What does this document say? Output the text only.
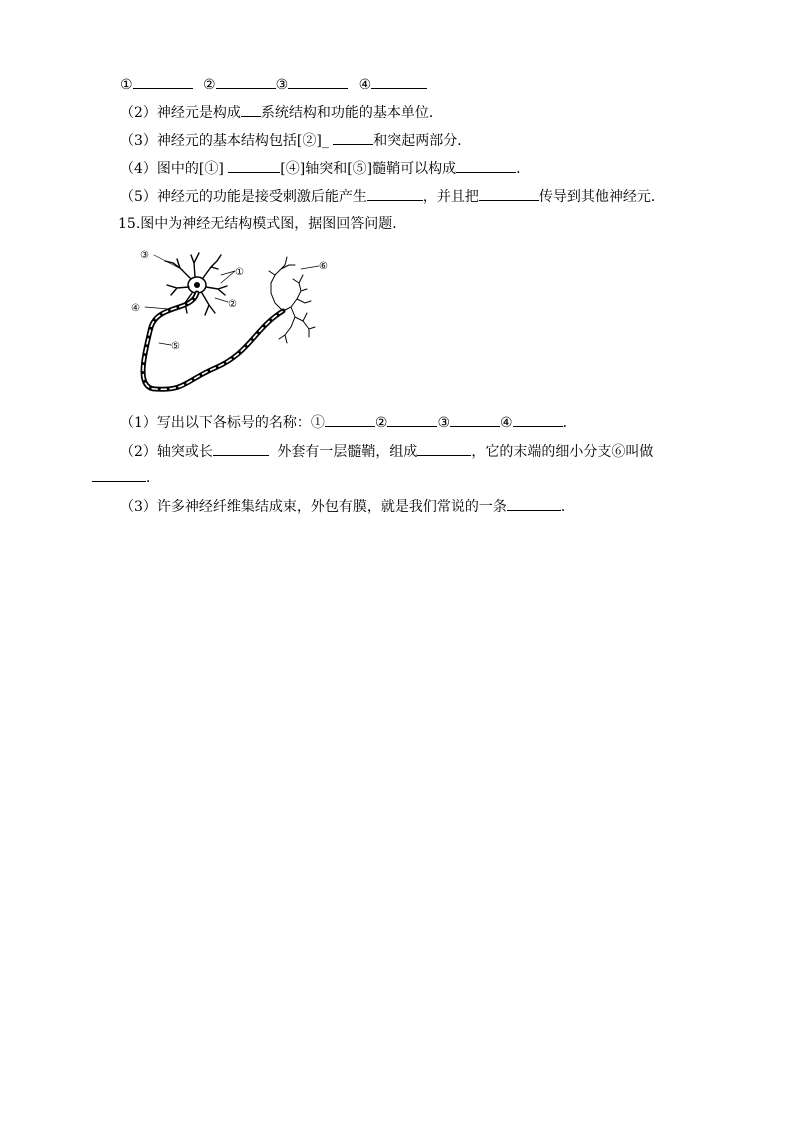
①	②	③	④
（2）神经元是构成 系统结构和功能的基本单位．
（3）神经元的基本结构包括[②]_	和突起两部分．
（4）图中的[①]	[④]轴突和[⑤]髓鞘可以构成	．
（5）神经元的功能是接受刺激后能产生	，并且把	传导到其他神经元．
15.图中为神经无结构模式图，据图回答问题．
③
①
②
④
⑤
⑥
（1）写出以下各标号的名称：①	②	③	④	．
（2）轴突或长	外套有一层髓鞘，组成	，它的末端的细小分支⑥叫做
．
（3）许多神经纤维集结成束，外包有膜，就是我们常说的一条	．
